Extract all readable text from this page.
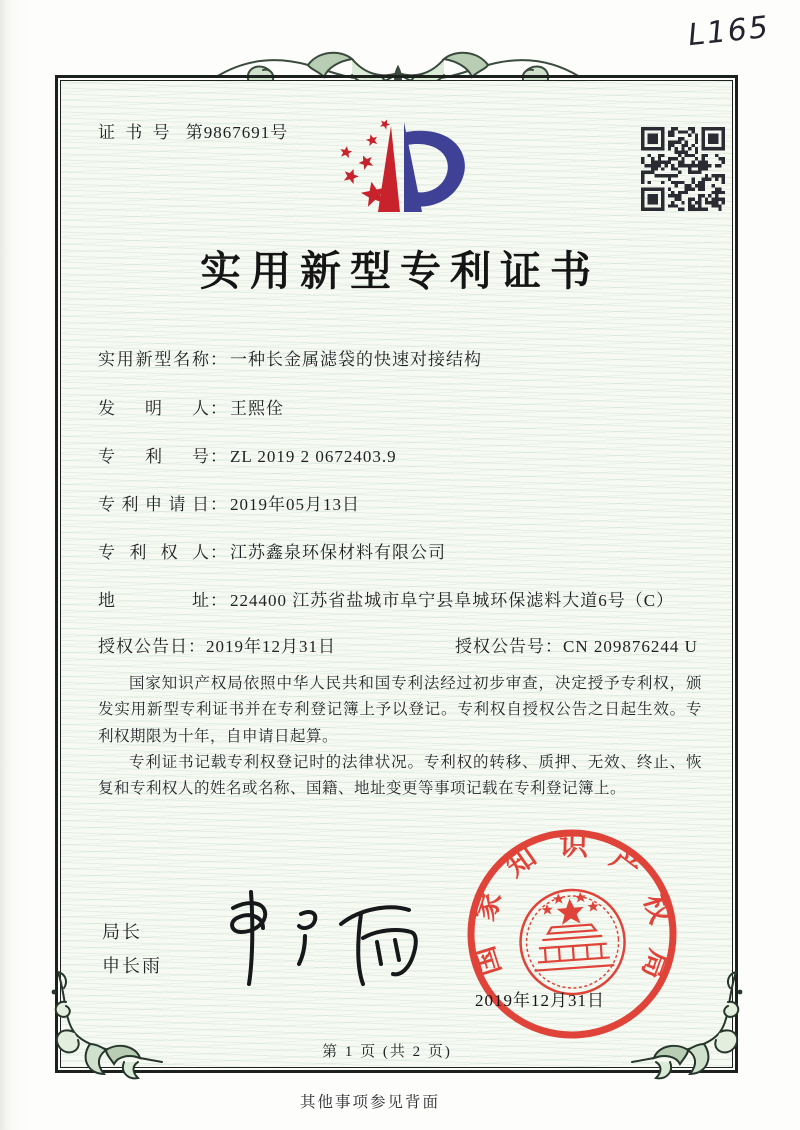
L165
证 书 号 第9867691号
实用新型专利证书
实用新型名称： 一种长金属滤袋的快速对接结构
发明人： 王熙佺
专利号： ZL 2019 2 0672403.9
专利申请日： 2019年05月13日
专利权人： 江苏鑫泉环保材料有限公司
地址： 224400 江苏省盐城市阜宁县阜城环保滤料大道6号（C）
授权公告日：2019年12月31日	授权公告号：CN 209876244 U

国家知识产权局依照中华人民共和国专利法经过初步审查，决定授予专利权，颁发实用新型专利证书并在专利登记簿上予以登记。专利权自授权公告之日起生效。专利权期限为十年，自申请日起算。

专利证书记载专利权登记时的法律状况。专利权的转移、质押、无效、终止、恢复和专利权人的姓名或名称、国籍、地址变更等事项记载在专利登记簿上。

局长
申长雨	国家知识产权局
2019年12月31日
第 1 页 (共 2 页)
其他事项参见背面
